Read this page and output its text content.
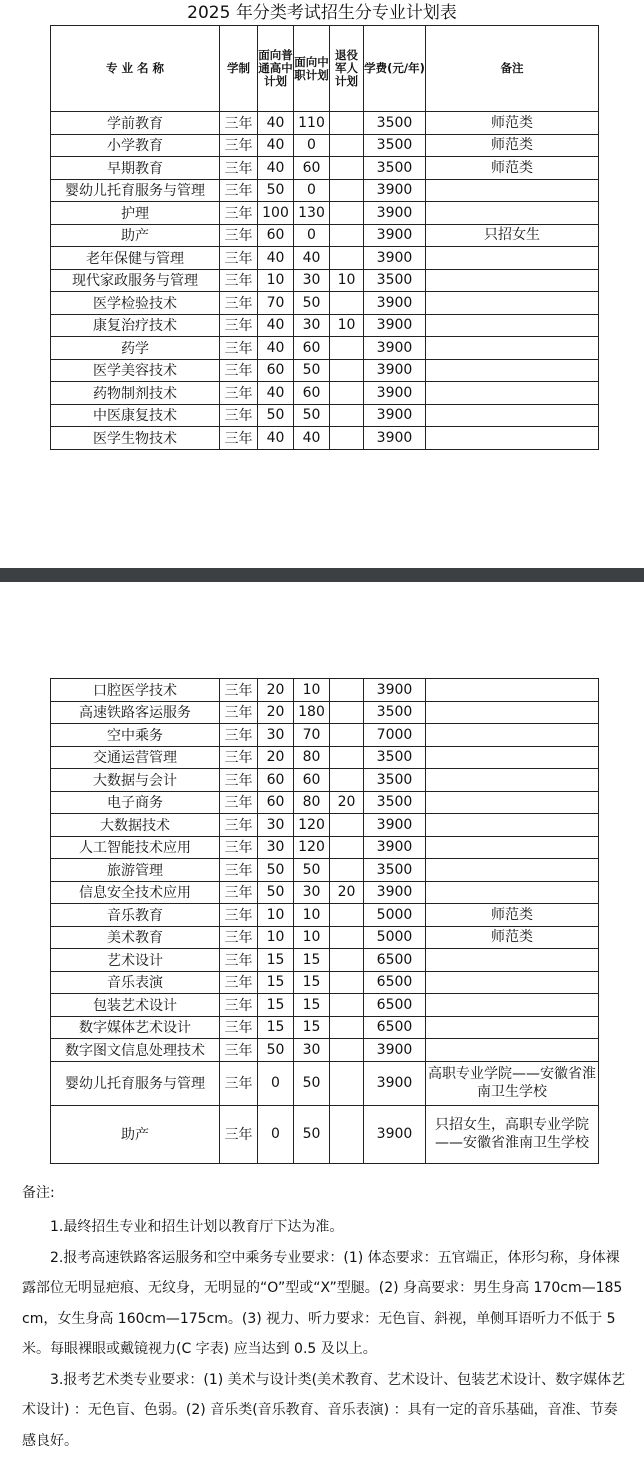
2025 年分类考试招生分专业计划表
专 业 名 称	学制	面向普通高中计划	面向中职计划	退役军人计划	学费(元/年)	备注
学前教育	三年	40	110		3500	师范类
小学教育	三年	40	0		3500	师范类
早期教育	三年	40	60		3500	师范类
婴幼儿托育服务与管理	三年	50	0		3900	
护理	三年	100	130		3900	
助产	三年	60	0		3900	只招女生
老年保健与管理	三年	40	40		3900	
现代家政服务与管理	三年	10	30	10	3500	
医学检验技术	三年	70	50		3900	
康复治疗技术	三年	40	30	10	3900	
药学	三年	40	60		3900	
医学美容技术	三年	60	50		3900	
药物制剂技术	三年	40	60		3900	
中医康复技术	三年	50	50		3900	
医学生物技术	三年	40	40		3900	
口腔医学技术	三年	20	10		3900	
高速铁路客运服务	三年	20	180		3500	
空中乘务	三年	30	70		7000	
交通运营管理	三年	20	80		3500	
大数据与会计	三年	60	60		3500	
电子商务	三年	60	80	20	3500	
大数据技术	三年	30	120		3900	
人工智能技术应用	三年	30	120		3900	
旅游管理	三年	50	50		3500	
信息安全技术应用	三年	50	30	20	3900	
音乐教育	三年	10	10		5000	师范类
美术教育	三年	10	10		5000	师范类
艺术设计	三年	15	15		6500	
音乐表演	三年	15	15		6500	
包装艺术设计	三年	15	15		6500	
数字媒体艺术设计	三年	15	15		6500	
数字图文信息处理技术	三年	50	30		3900	
婴幼儿托育服务与管理	三年	0	50		3900	高职专业学院——安徽省淮南卫生学校
助产	三年	0	50		3900	只招女生，高职专业学院——安徽省淮南卫生学校
备注:

1.最终招生专业和招生计划以教育厅下达为准。

2.报考高速铁路客运服务和空中乘务专业要求：(1) 体态要求：五官端正，体形匀称，身体裸露部位无明显疤痕、无纹身，无明显的“O”型或“X”型腿。(2) 身高要求：男生身高 170cm—185cm，女生身高 160cm—175cm。(3) 视力、听力要求：无色盲、斜视，单侧耳语听力不低于 5 米。每眼裸眼或戴镜视力(C 字表) 应当达到 0.5 及以上。

3.报考艺术类专业要求：(1) 美术与设计类(美术教育、艺术设计、包装艺术设计、数字媒体艺术设计) ：无色盲、色弱。(2) 音乐类(音乐教育、音乐表演) ：具有一定的音乐基础，音准、节奏感良好。
